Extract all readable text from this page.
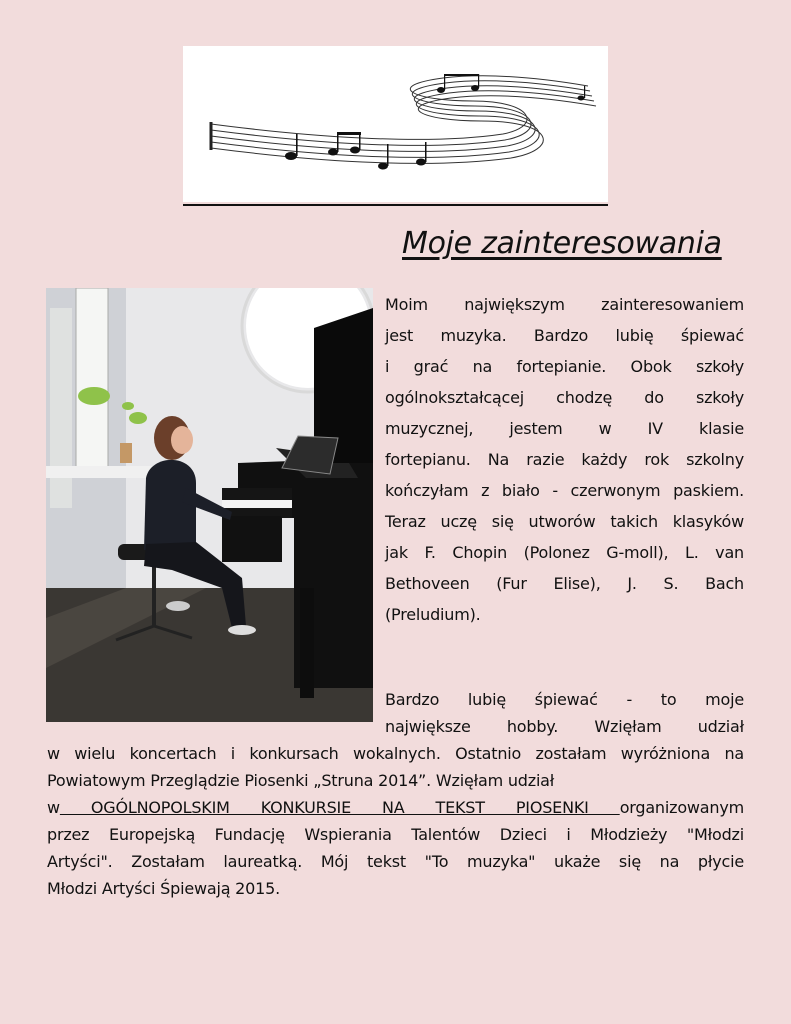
Moje zainteresowania
Moim największym zainteresowaniem
jest muzyka. Bardzo lubię śpiewać
i grać na fortepianie. Obok szkoły
ogólnokształcącej chodzę do szkoły
muzycznej, jestem w IV klasie
fortepianu. Na razie każdy rok szkolny
kończyłam z biało - czerwonym paskiem.
Teraz uczę się utworów takich klasyków
jak F. Chopin (Polonez G-moll), L. van
Bethoveen (Fur Elise), J. S. Bach
(Preludium).
Bardzo lubię śpiewać - to moje
największe hobby. Wzięłam udział
w wielu koncertach i konkursach wokalnych. Ostatnio zostałam wyróżniona na
Powiatowym Przeglądzie Piosenki „Struna 2014”. Wzięłam udział
w OGÓLNOPOLSKIM KONKURSIE NA TEKST PIOSENKI organizowanym
przez Europejską Fundację Wspierania Talentów Dzieci i Młodzieży "Młodzi
Artyści". Zostałam laureatką. Mój tekst "To muzyka" ukaże się na płycie
Młodzi Artyści Śpiewają 2015.
